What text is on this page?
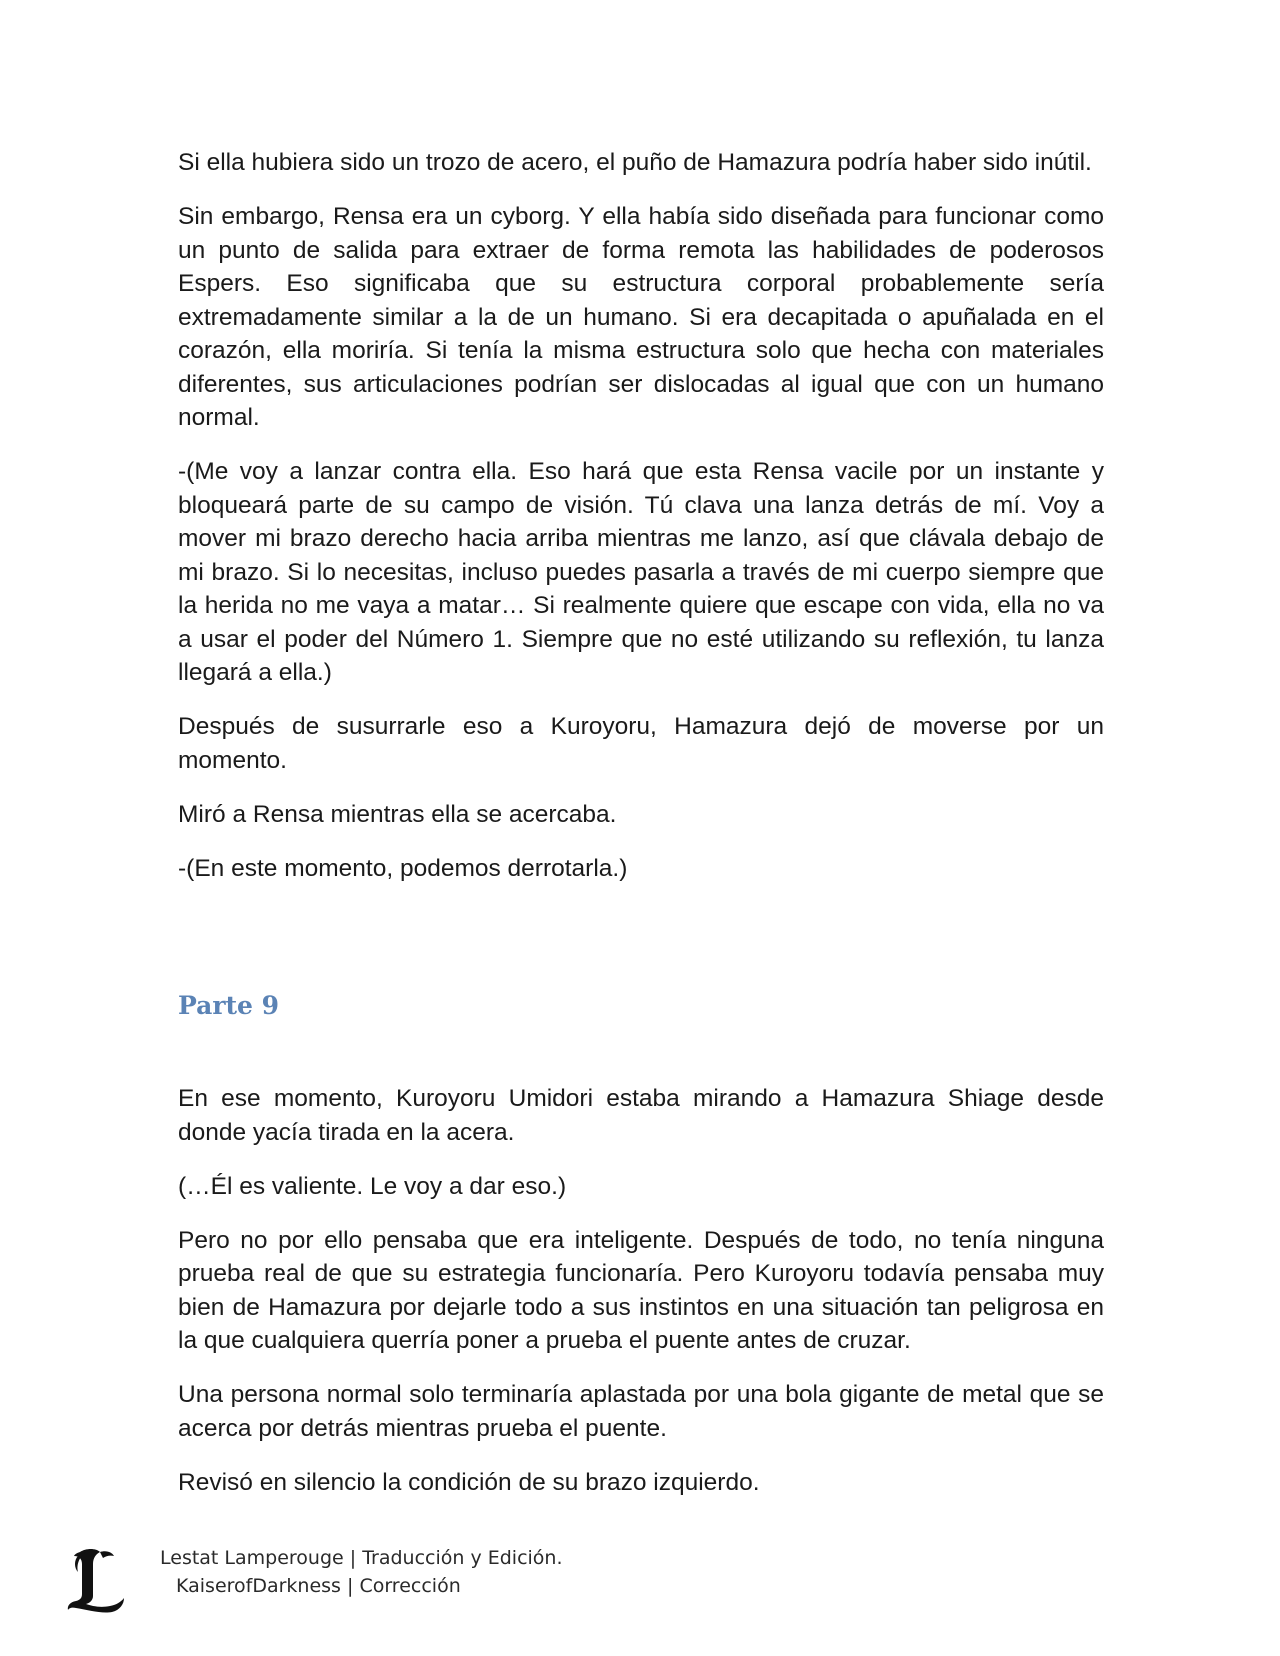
Si ella hubiera sido un trozo de acero, el puño de Hamazura podría haber sido inútil.

Sin embargo, Rensa era un cyborg. Y ella había sido diseñada para funcionar como un punto de salida para extraer de forma remota las habilidades de poderosos Espers. Eso significaba que su estructura corporal probablemente sería extremadamente similar a la de un humano. Si era decapitada o apuñalada en el corazón, ella moriría. Si tenía la misma estructura solo que hecha con materiales diferentes, sus articulaciones podrían ser dislocadas al igual que con un humano normal.

-(Me voy a lanzar contra ella. Eso hará que esta Rensa vacile por un instante y bloqueará parte de su campo de visión. Tú clava una lanza detrás de mí. Voy a mover mi brazo derecho hacia arriba mientras me lanzo, así que clávala debajo de mi brazo. Si lo necesitas, incluso puedes pasarla a través de mi cuerpo siempre que la herida no me vaya a matar… Si realmente quiere que escape con vida, ella no va a usar el poder del Número 1. Siempre que no esté utilizando su reflexión, tu lanza llegará a ella.)

Después de susurrarle eso a Kuroyoru, Hamazura dejó de moverse por un momento.

Miró a Rensa mientras ella se acercaba.

-(En este momento, podemos derrotarla.)

Parte 9

En ese momento, Kuroyoru Umidori estaba mirando a Hamazura Shiage desde donde yacía tirada en la acera.

(…Él es valiente. Le voy a dar eso.)

Pero no por ello pensaba que era inteligente. Después de todo, no tenía ninguna prueba real de que su estrategia funcionaría. Pero Kuroyoru todavía pensaba muy bien de Hamazura por dejarle todo a sus instintos en una situación tan peligrosa en la que cualquiera querría poner a prueba el puente antes de cruzar.

Una persona normal solo terminaría aplastada por una bola gigante de metal que se acerca por detrás mientras prueba el puente.

Revisó en silencio la condición de su brazo izquierdo.

Lestat Lamperouge | Traducción y Edición.
KaiserofDarkness | Corrección
